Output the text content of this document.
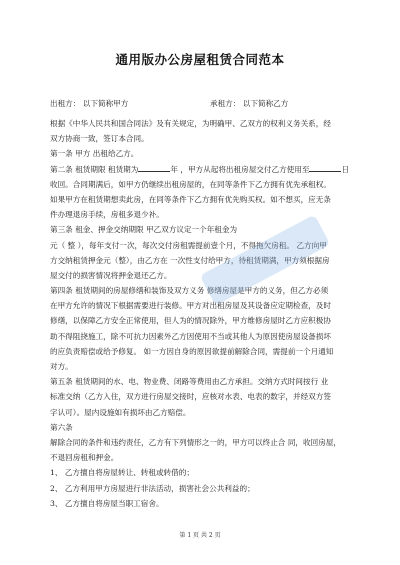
通用版办公房屋租赁合同范本
出租方： 以下简称甲方	承租方： 以下简称乙方
根据《中华人民共和国合同法》及有关规定，为明确甲、乙双方的权利义务关系，经
双方协商一致，签订本合同。
第一条 甲方 出租给乙方。
第二条 租赁期限 租赁期为	年 ，甲方从起将出租房屋交付乙方使用至	日
收回。合同期满后，如甲方仍继续出租房屋的，在同等条件下乙方拥有优先承租权。
如果甲方在租赁期想卖此房，在同等条件下乙方拥有优先购买权。如不想买，应无条
件办理退房手续，房租多退少补。
第三条 租金、押金交纳期限 甲乙双方议定一个年租金为
元（ 整 ），每年支付一次，每次交付房租需提前壹个月，不得拖欠房租。 乙方向甲
方交纳租赁押金元（整），由乙方在 一次性支付给甲方，待租赁期满，甲方须根据房
屋交付的损害情况将押金退还乙方。
第四条 租赁期间的房屋修缮和装饰及双方义务 修缮房屋是甲方的义务，但乙方必须
在甲方允许的情况下根据需要进行装修。甲方对出租房屋及其设备应定期检查，及时
修缮，以保障乙方安全正常使用，但人为的情况除外，甲方维修房屋时乙方应积极协
助不得阻挠施工，除不可抗力因素外乙方因使用不当或其他人为原因使房屋设备损坏
的应负责赔偿或给予修复。 如一方因自身的原因欲提前解除合同，需提前一个月通知
对方。
第五条 租赁期间的水、电、物业费、闭路等费用由乙方承担。交纳方式时间按行 业
标准交纳（乙方入住，双方进行房屋交接时，应核对水表、电表的数字，并经双方签
字认可）。屋内设施如有损坏由乙方赔偿。
第六条
解除合同的条件和违约责任，乙方有下列情形之一的，甲方可以终止合 同，收回房屋，
不退回房租和押金。
1、 乙方擅自将房屋转让、转租或转借的；
2、 乙方利用甲方房屋进行非法活动，损害社会公共利益的；
3、 乙方擅自将房屋当职工宿舍。
第 1 页 共 2 页
